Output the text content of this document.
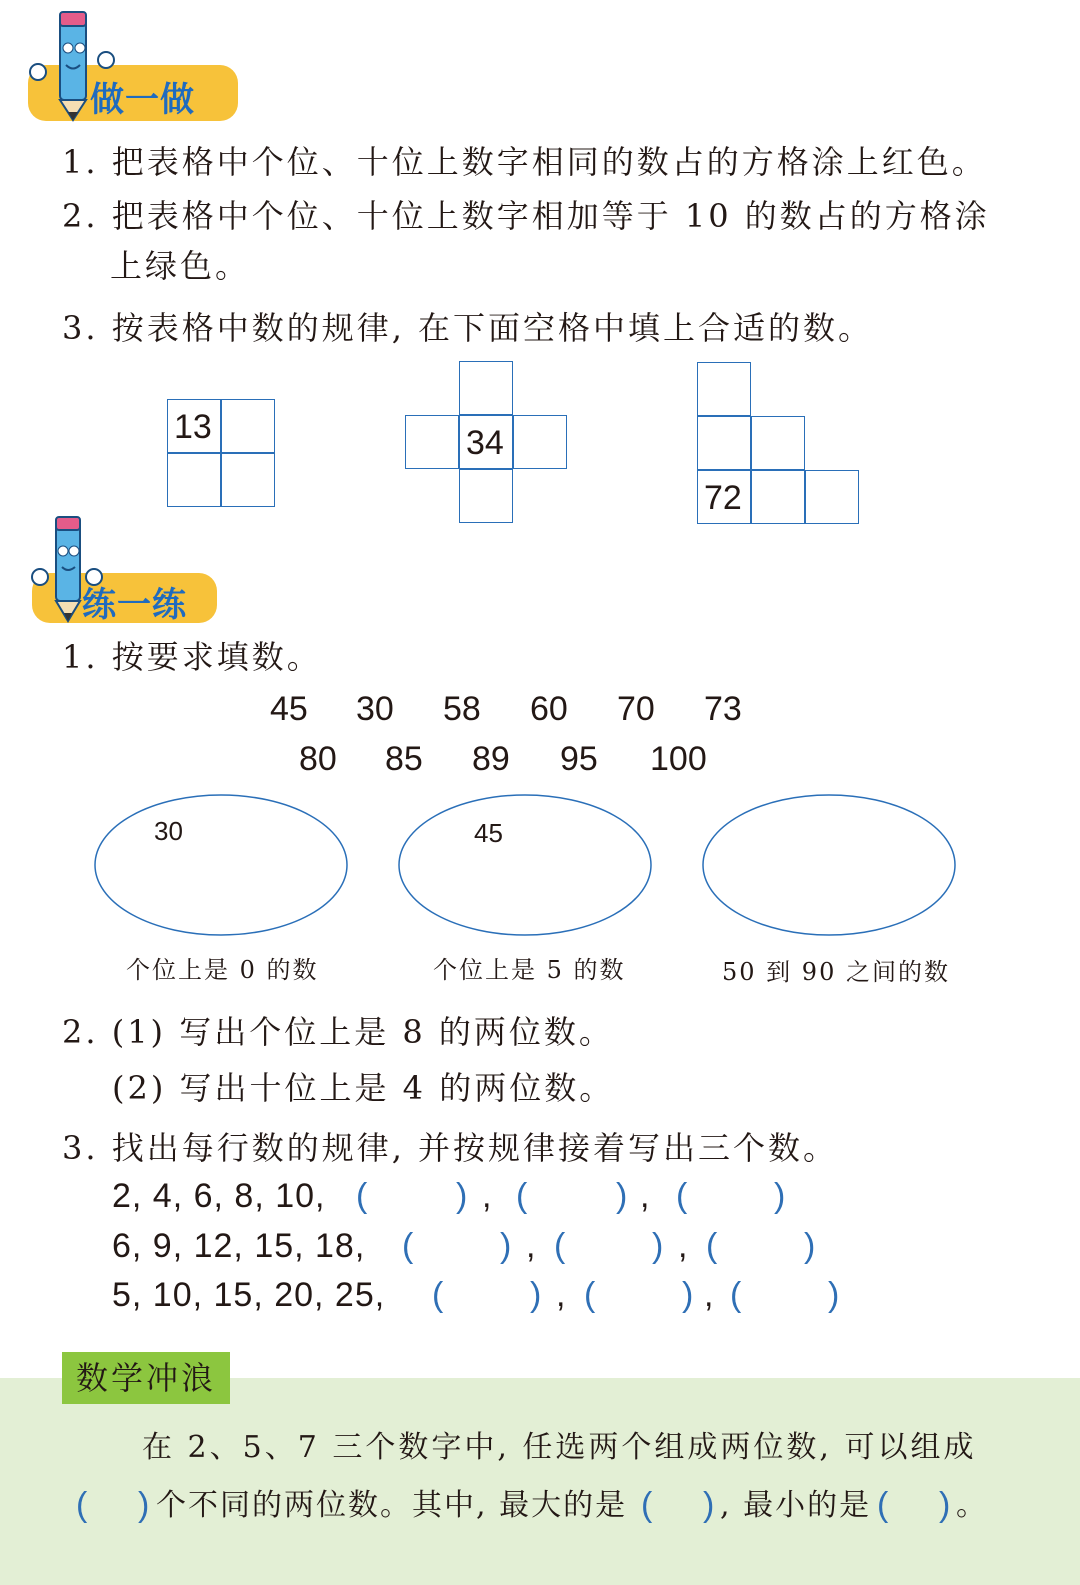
做一做
1. 把表格中个位、十位上数字相同的数占的方格涂上红色。
2. 把表格中个位、十位上数字相加等于 10 的数占的方格涂
上绿色。
3. 按表格中数的规律, 在下面空格中填上合适的数。
13	34
72
练一练
1. 按要求填数。
45 30 58 60 70 73
80 85 89 95 100
30	45
个位上是 0 的数	个位上是 5 的数	50 到 90 之间的数
2. (1) 写出个位上是 8 的两位数。
(2) 写出十位上是 4 的两位数。
3. 找出每行数的规律, 并按规律接着写出三个数。
2, 4, 6, 8, 10, (	) , (	) , (	)
6, 9, 12, 15, 18, (	) , (	) , (	)
5, 10, 15, 20, 25, (	) , (	) , (	)
数学冲浪
在 2、5、7 三个数字中, 任选两个组成两位数, 可以组成
( ) 个不同的两位数。其中, 最大的是 ( ) , 最小的是 ( ) 。
